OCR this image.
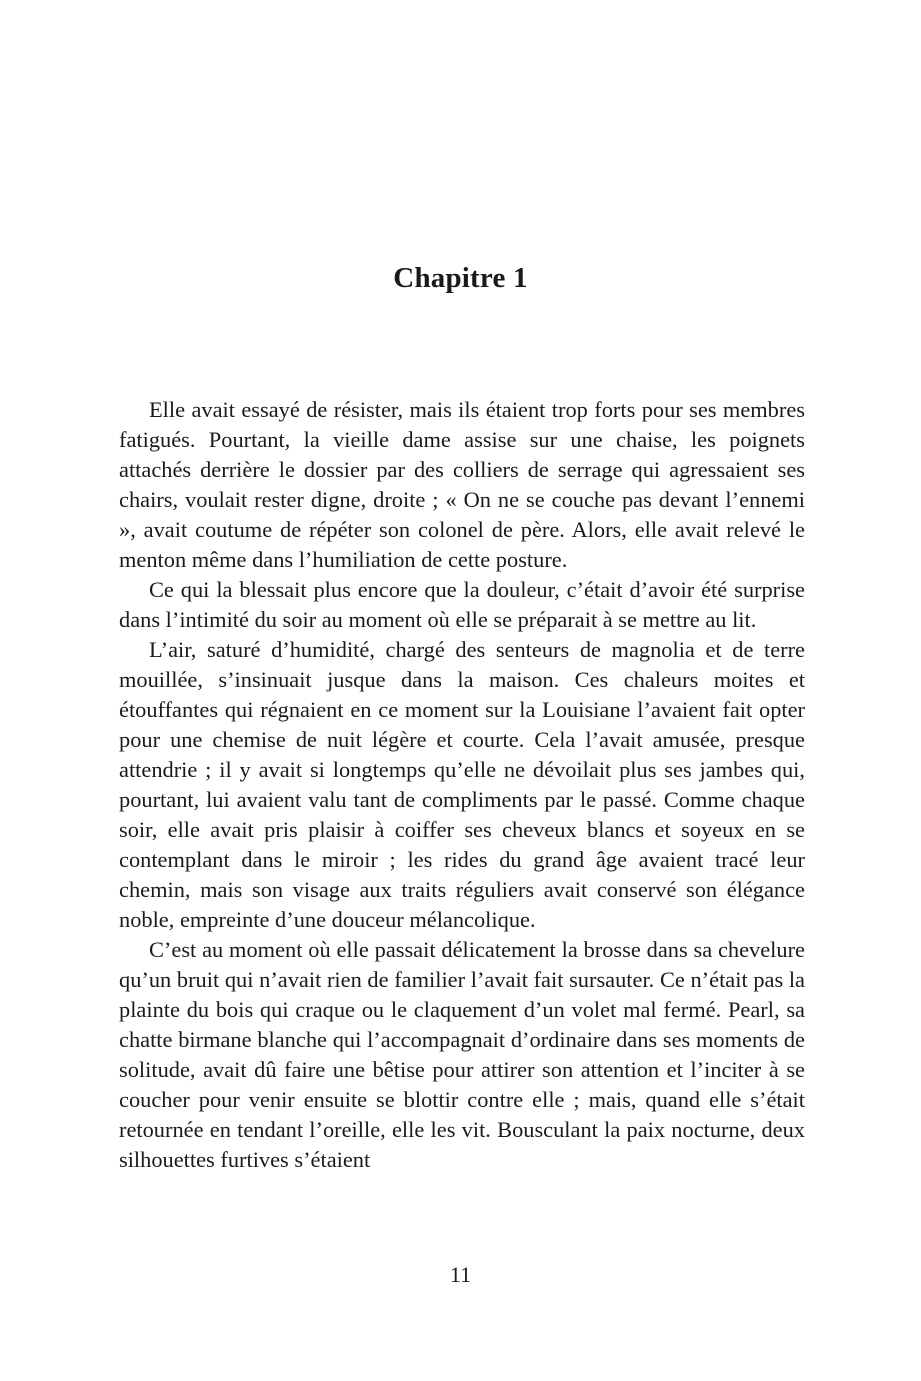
Chapitre 1

Elle avait essayé de résister, mais ils étaient trop forts pour ses membres fatigués. Pourtant, la vieille dame assise sur une chaise, les poignets attachés derrière le dossier par des colliers de serrage qui agressaient ses chairs, voulait rester digne, droite ; « On ne se couche pas devant l’ennemi », avait coutume de répéter son colonel de père. Alors, elle avait relevé le menton même dans l’humiliation de cette posture.

Ce qui la blessait plus encore que la douleur, c’était d’avoir été surprise dans l’intimité du soir au moment où elle se préparait à se mettre au lit.

L’air, saturé d’humidité, chargé des senteurs de magnolia et de terre mouillée, s’insinuait jusque dans la maison. Ces chaleurs moites et étouffantes qui régnaient en ce moment sur la Louisiane l’avaient fait opter pour une chemise de nuit légère et courte. Cela l’avait amusée, presque attendrie ; il y avait si longtemps qu’elle ne dévoilait plus ses jambes qui, pourtant, lui avaient valu tant de compliments par le passé. Comme chaque soir, elle avait pris plaisir à coiffer ses cheveux blancs et soyeux en se contemplant dans le miroir ; les rides du grand âge avaient tracé leur chemin, mais son visage aux traits réguliers avait conservé son élégance noble, empreinte d’une douceur mélancolique.

C’est au moment où elle passait délicatement la brosse dans sa chevelure qu’un bruit qui n’avait rien de familier l’avait fait sursauter. Ce n’était pas la plainte du bois qui craque ou le claquement d’un volet mal fermé. Pearl, sa chatte birmane blanche qui l’accompagnait d’ordinaire dans ses moments de solitude, avait dû faire une bêtise pour attirer son attention et l’inciter à se coucher pour venir ensuite se blottir contre elle ; mais, quand elle s’était retournée en tendant l’oreille, elle les vit. Bousculant la paix nocturne, deux silhouettes furtives s’étaient

11
